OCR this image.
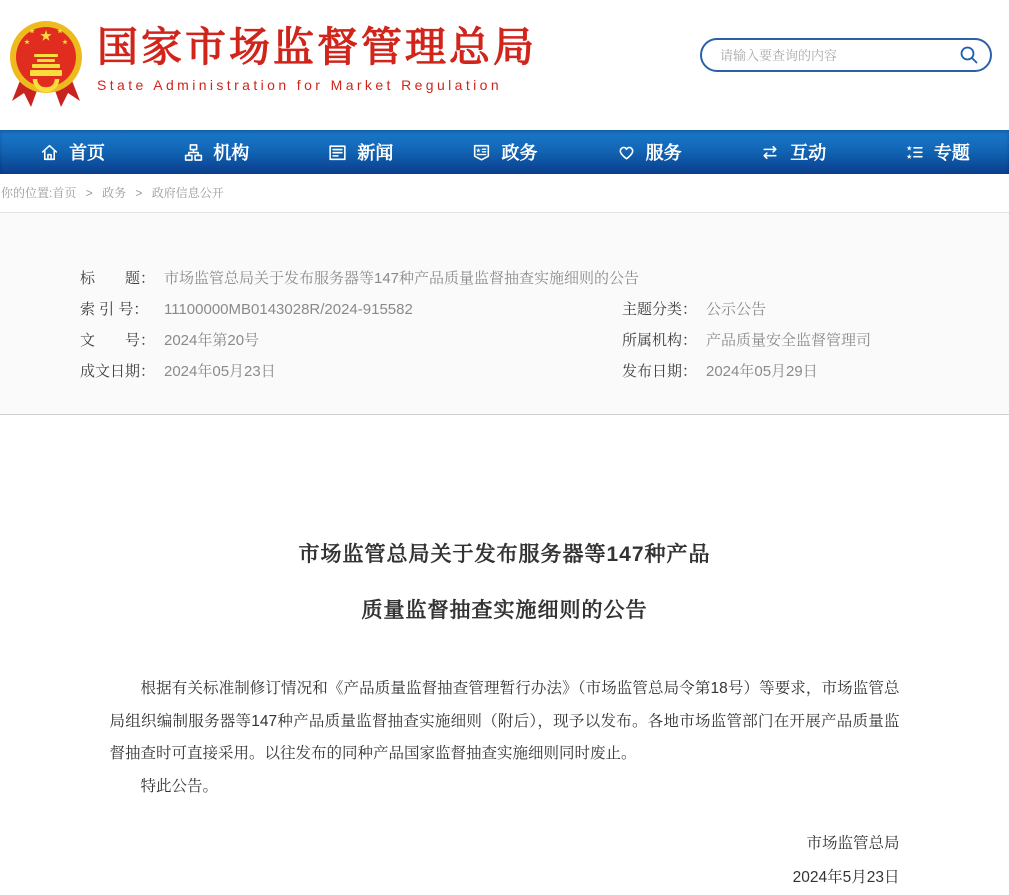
国家市场监督管理总局
State Administration for Market Regulation
请输入要查询的内容
首页	机构	新闻	政务	服务	互动	专题
你的位置:首页 > 政务 > 政府信息公开
标　　题： 市场监管总局关于发布服务器等147种产品质量监督抽查实施细则的公告
索 引 号：	11100000MB0143028R/2024-915582	主题分类： 公示公告
文　　号： 2024年第20号	所属机构： 产品质量安全监督管理司
成文日期： 2024年05月23日	发布日期： 2024年05月29日
市场监管总局关于发布服务器等147种产品
质量监督抽查实施细则的公告

根据有关标准制修订情况和《产品质量监督抽查管理暂行办法》（市场监管总局令第18号）等要求，市场监管总局组织编制服务器等147种产品质量监督抽查实施细则（附后），现予以发布。各地市场监管部门在开展产品质量监督抽查时可直接采用。以往发布的同种产品国家监督抽查实施细则同时废止。

特此公告。

市场监管总局
2024年5月23日
